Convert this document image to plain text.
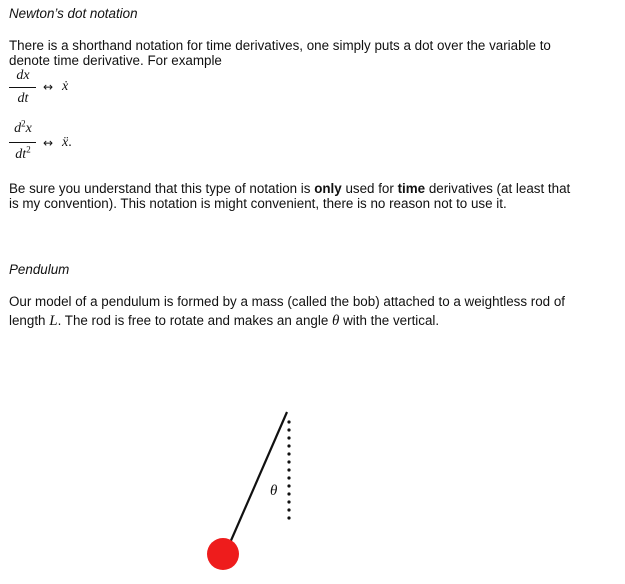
Newton’s dot notation
There is a shorthand notation for time derivatives, one simply puts a dot over the variable to
denote time derivative. For example
dx
dt
↔ ẋ
$d^2x$
$dt^2$	↔ ẍ.
Be sure you understand that this type of notation is only used for time derivatives (at least that
is my convention). This notation is might convenient, there is no reason not to use it.
Pendulum
Our model of a pendulum is formed by a mass (called the bob) attached to a weightless rod of
length L. The rod is free to rotate and makes an angle θ with the vertical.
θ
